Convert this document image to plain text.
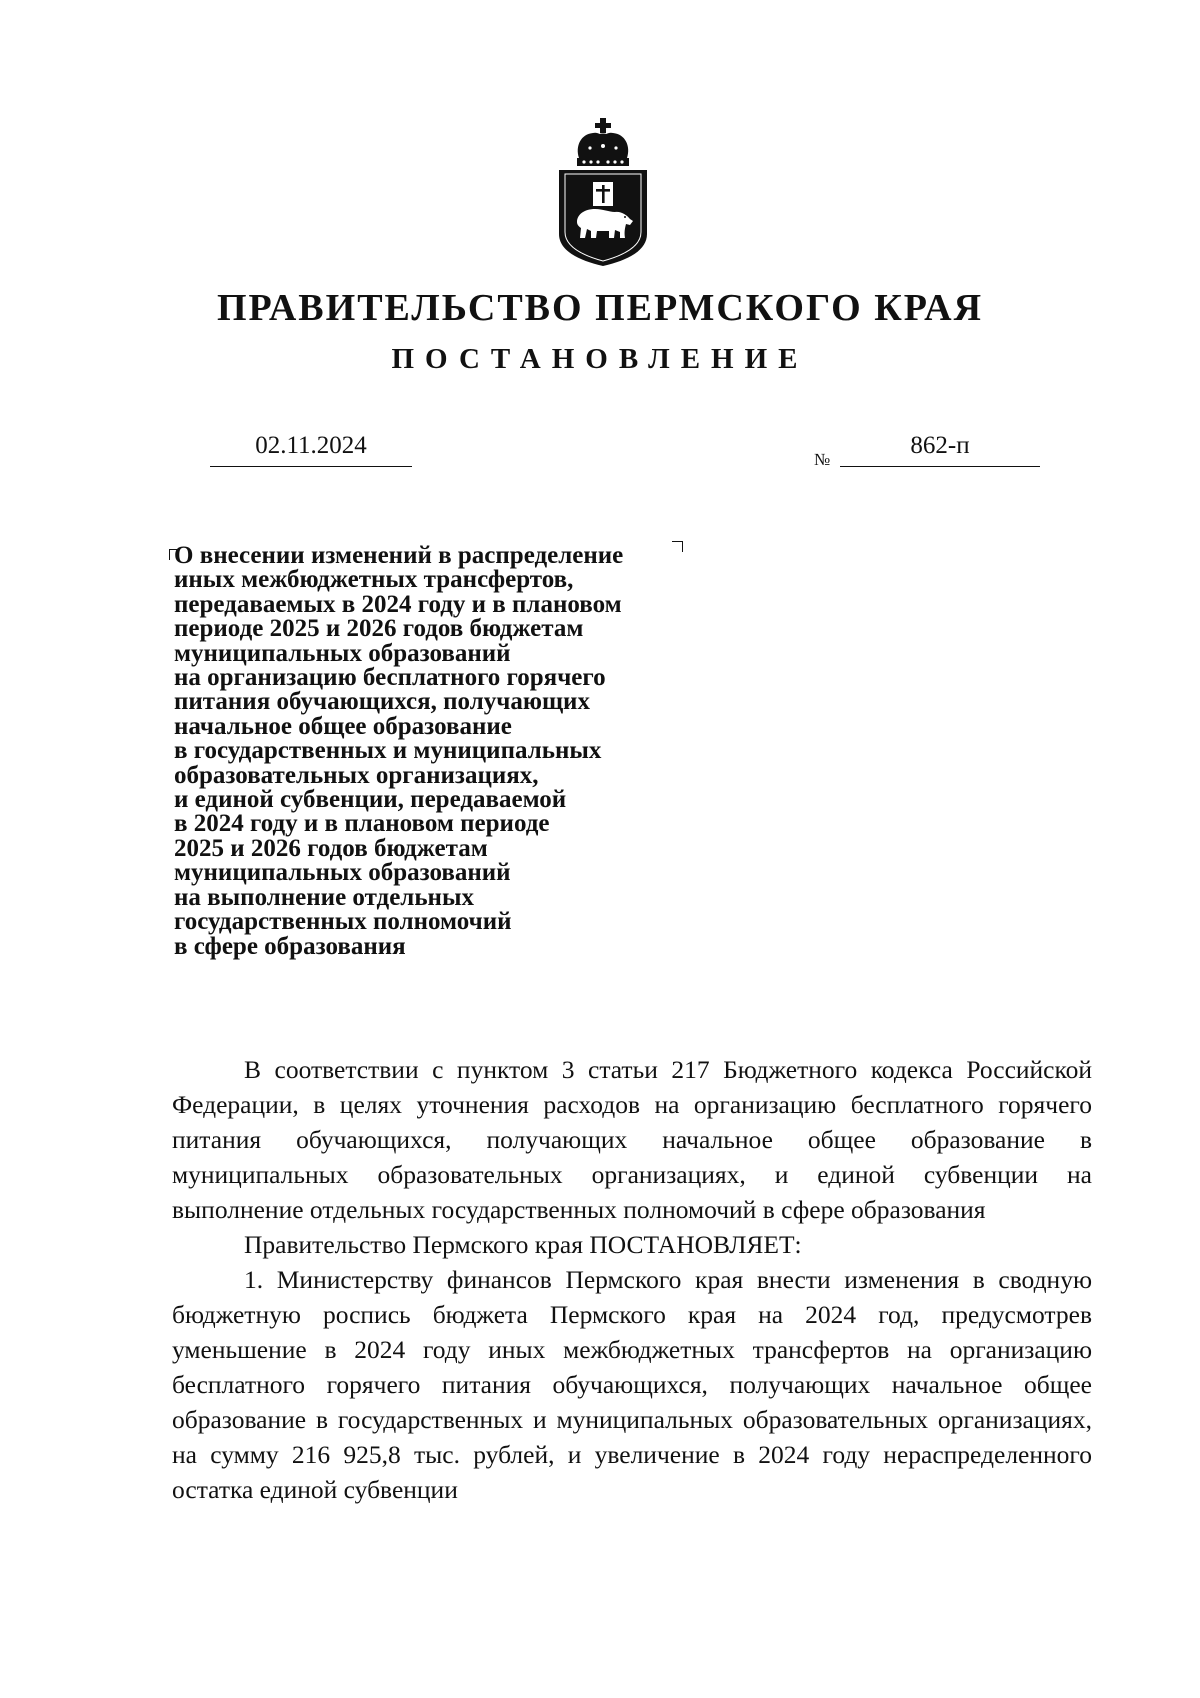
ПРАВИТЕЛЬСТВО ПЕРМСКОГО КРАЯ
ПОСТАНОВЛЕНИЕ
02.11.2024
№
862-п
О внесении изменений в распределение
иных межбюджетных трансфертов,
передаваемых в 2024 году и в плановом
периоде 2025 и 2026 годов бюджетам
муниципальных образований
на организацию бесплатного горячего
питания обучающихся, получающих
начальное общее образование
в государственных и муниципальных
образовательных организациях,
и единой субвенции, передаваемой
в 2024 году и в плановом периоде
2025 и 2026 годов бюджетам
муниципальных образований
на выполнение отдельных
государственных полномочий
в сфере образования

В соответствии с пунктом 3 статьи 217 Бюджетного кодекса Российской Федерации, в целях уточнения расходов на организацию бесплатного горячего питания обучающихся, получающих начальное общее образование в муниципальных образовательных организациях, и единой субвенции на выполнение отдельных государственных полномочий в сфере образования

Правительство Пермского края ПОСТАНОВЛЯЕТ:

1. Министерству финансов Пермского края внести изменения в сводную бюджетную роспись бюджета Пермского края на 2024 год, предусмотрев уменьшение в 2024 году иных межбюджетных трансфертов на организацию бесплатного горячего питания обучающихся, получающих начальное общее образование в государственных и муниципальных образовательных организациях, на сумму 216 925,8 тыс. рублей, и увеличение в 2024 году нераспределенного остатка единой субвенции
